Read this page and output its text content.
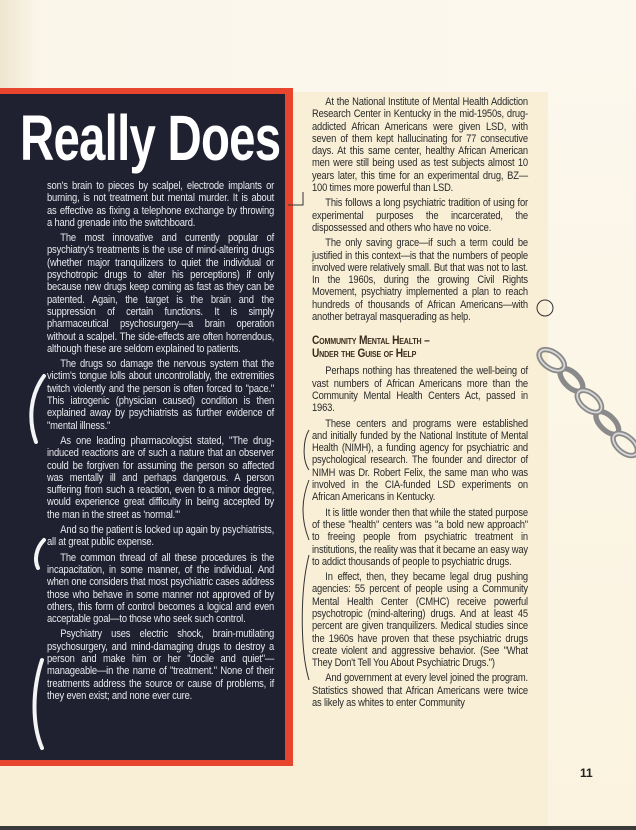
Really Does

son's brain to pieces by scalpel, electrode implants or burning, is not treatment but mental murder. It is about as effective as fixing a telephone exchange by throwing a hand grenade into the switchboard.

The most innovative and currently popular of psychiatry's treatments is the use of mind-altering drugs (whether major tranquilizers to quiet the individual or psychotropic drugs to alter his perceptions) if only because new drugs keep coming as fast as they can be patented. Again, the target is the brain and the suppression of certain functions. It is simply pharmaceutical psychosurgery—a brain operation without a scalpel. The side-effects are often horrendous, although these are seldom explained to patients.

The drugs so damage the nervous system that the victim's tongue lolls about uncontrollably, the extremities twitch violently and the person is often forced to "pace." This iatrogenic (physician caused) condition is then explained away by psychiatrists as further evidence of "mental illness."

As one leading pharmacologist stated, "The drug-induced reactions are of such a nature that an observer could be forgiven for assuming the person so affected was mentally ill and perhaps dangerous. A person suffering from such a reaction, even to a minor degree, would experience great difficulty in being accepted by the man in the street as 'normal.'"

And so the patient is locked up again by psychiatrists, all at great public expense.

The common thread of all these procedures is the incapacitation, in some manner, of the individual. And when one considers that most psychiatric cases address those who behave in some manner not approved of by others, this form of control becomes a logical and even acceptable goal—to those who seek such control.

Psychiatry uses electric shock, brain-mutilating psychosurgery, and mind-damaging drugs to destroy a person and make him or her "docile and quiet"—manageable—in the name of "treatment." None of their treatments address the source or cause of problems, if they even exist; and none ever cure.

At the National Institute of Mental Health Addiction Research Center in Kentucky in the mid-1950s, drug-addicted African Americans were given LSD, with seven of them kept hallucinating for 77 consecutive days. At this same center, healthy African American men were still being used as test subjects almost 10 years later, this time for an experimental drug, BZ—100 times more powerful than LSD.

This follows a long psychiatric tradition of using for experimental purposes the incarcerated, the dispossessed and others who have no voice.

The only saving grace—if such a term could be justified in this context—is that the numbers of people involved were relatively small. But that was not to last. In the 1960s, during the growing Civil Rights Movement, psychiatry implemented a plan to reach hundreds of thousands of African Americans—with another betrayal masquerading as help.

Community Mental Health –
Under the Guise of Help

Perhaps nothing has threatened the well-being of vast numbers of African Americans more than the Community Mental Health Centers Act, passed in 1963.

These centers and programs were established and initially funded by the National Institute of Mental Health (NIMH), a funding agency for psychiatric and psychological research. The founder and director of NIMH was Dr. Robert Felix, the same man who was involved in the CIA-funded LSD experiments on African Americans in Kentucky.

It is little wonder then that while the stated purpose of these "health" centers was "a bold new approach" to freeing people from psychiatric treatment in institutions, the reality was that it became an easy way to addict thousands of people to psychiatric drugs.

In effect, then, they became legal drug pushing agencies: 55 percent of people using a Community Mental Health Center (CMHC) receive powerful psychotropic (mind-altering) drugs. And at least 45 percent are given tranquilizers. Medical studies since the 1960s have proven that these psychiatric drugs create violent and aggressive behavior. (See "What They Don't Tell You About Psychiatric Drugs.")

And government at every level joined the program. Statistics showed that African Americans were twice as likely as whites to enter Community

11
